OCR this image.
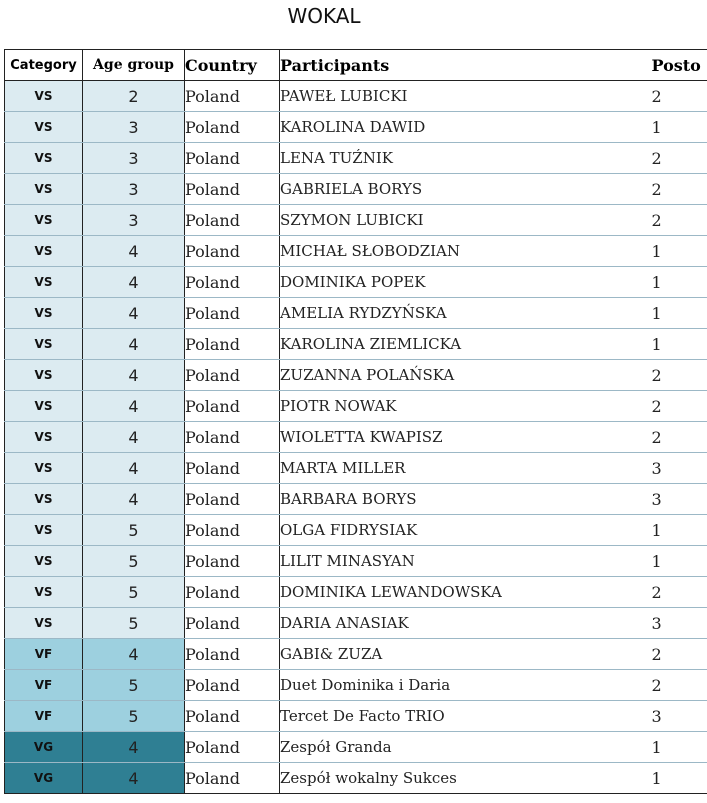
WOKAL
Category	Age group	Country	Participants	Posto
VS	2	Poland	PAWEŁ LUBICKI	2
VS	3	Poland	KAROLINA DAWID	1
VS	3	Poland	LENA TUŹNIK	2
VS	3	Poland	GABRIELA BORYS	2
VS	3	Poland	SZYMON LUBICKI	2
VS	4	Poland	MICHAŁ SŁOBODZIAN	1
VS	4	Poland	DOMINIKA POPEK	1
VS	4	Poland	AMELIA RYDZYŃSKA	1
VS	4	Poland	KAROLINA ZIEMLICKA	1
VS	4	Poland	ZUZANNA POLAŃSKA	2
VS	4	Poland	PIOTR NOWAK	2
VS	4	Poland	WIOLETTA KWAPISZ	2
VS	4	Poland	MARTA MILLER	3
VS	4	Poland	BARBARA BORYS	3
VS	5	Poland	OLGA FIDRYSIAK	1
VS	5	Poland	LILIT MINASYAN	1
VS	5	Poland	DOMINIKA LEWANDOWSKA	2
VS	5	Poland	DARIA ANASIAK	3
VF	4	Poland	GABI& ZUZA	2
VF	5	Poland	Duet Dominika i Daria	2
VF	5	Poland	Tercet De Facto TRIO	3
VG	4	Poland	Zespół Granda	1
VG	4	Poland	Zespół wokalny Sukces	1
